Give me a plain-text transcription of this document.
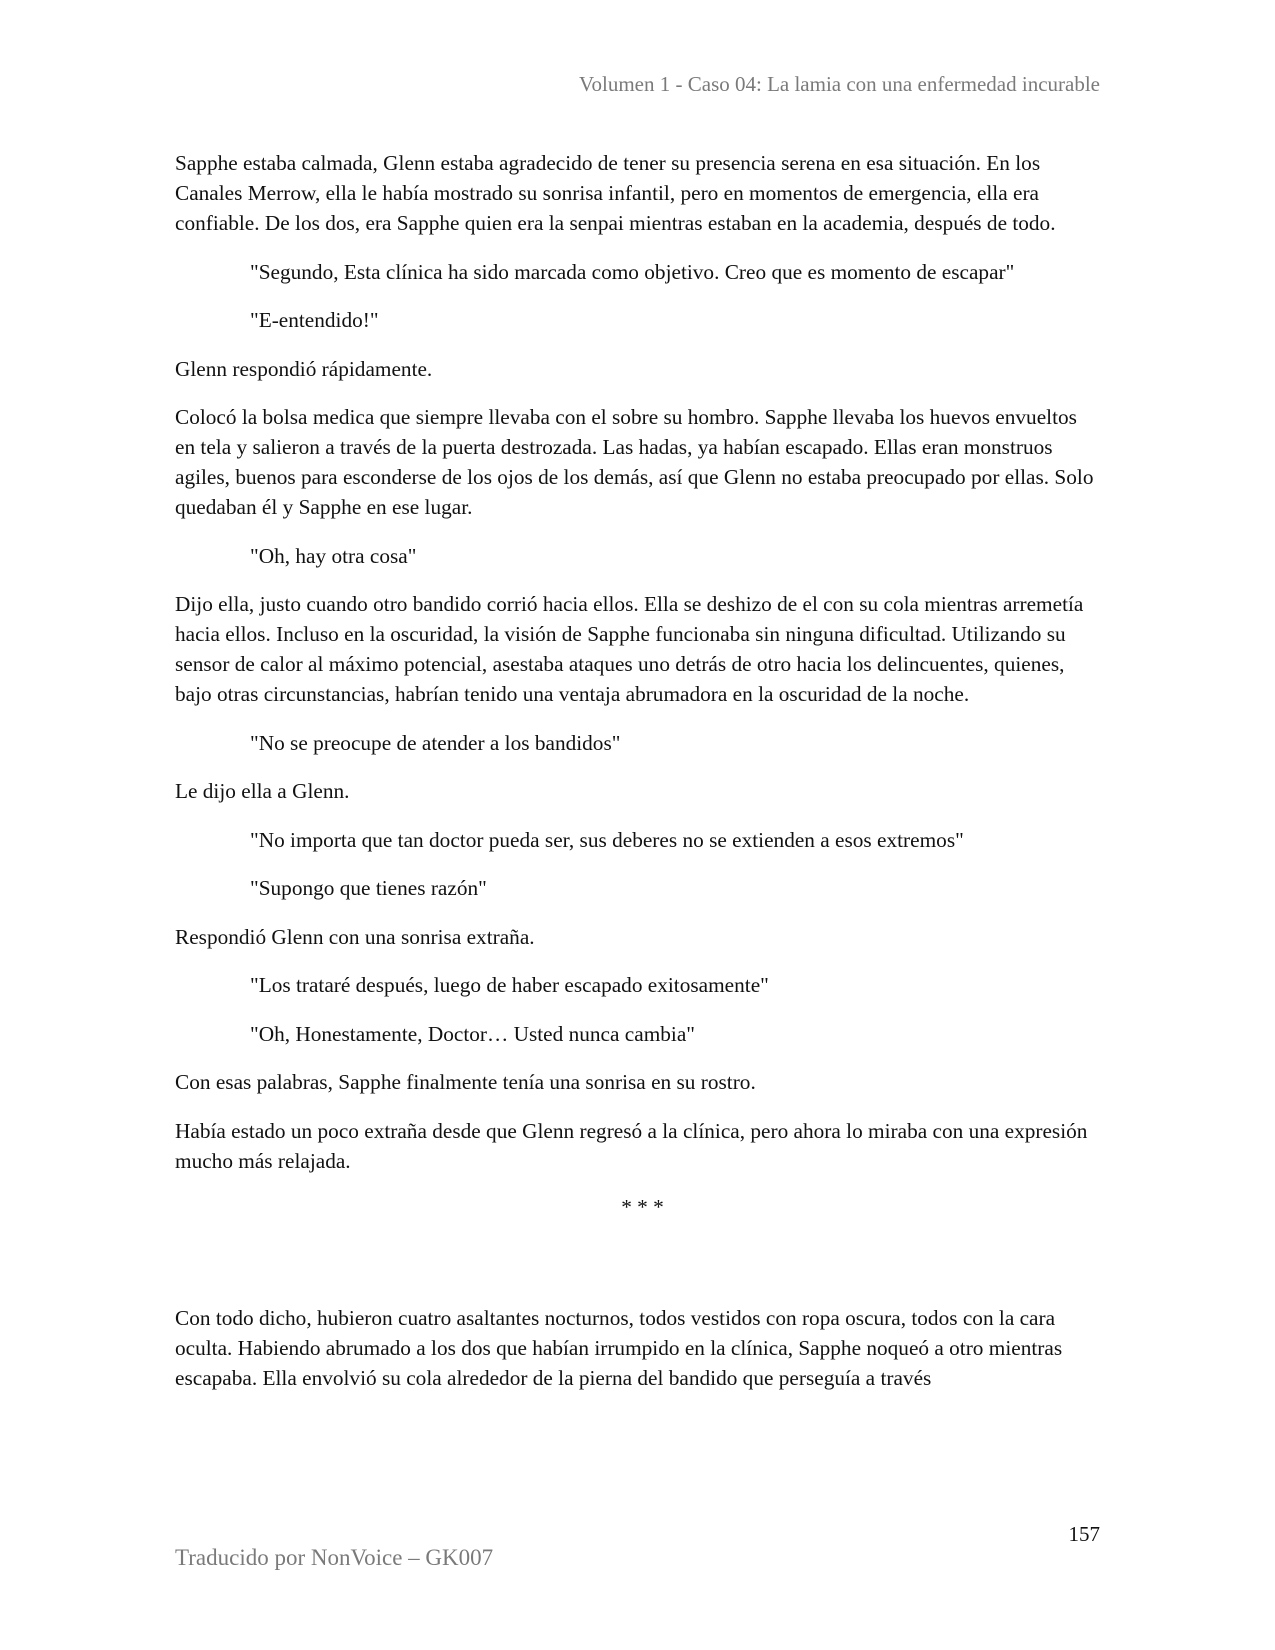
Volumen 1 - Caso 04: La lamia con una enfermedad incurable

Sapphe estaba calmada, Glenn estaba agradecido de tener su presencia serena en esa situación. En los Canales Merrow, ella le había mostrado su sonrisa infantil, pero en momentos de emergencia, ella era confiable. De los dos, era Sapphe quien era la senpai mientras estaban en la academia, después de todo.

"Segundo, Esta clínica ha sido marcada como objetivo. Creo que es momento de escapar"

"E-entendido!"

Glenn respondió rápidamente.

Colocó la bolsa medica que siempre llevaba con el sobre su hombro. Sapphe llevaba los huevos envueltos en tela y salieron a través de la puerta destrozada. Las hadas, ya habían escapado. Ellas eran monstruos agiles, buenos para esconderse de los ojos de los demás, así que Glenn no estaba preocupado por ellas. Solo quedaban él y Sapphe en ese lugar.

"Oh, hay otra cosa"

Dijo ella, justo cuando otro bandido corrió hacia ellos. Ella se deshizo de el con su cola mientras arremetía hacia ellos. Incluso en la oscuridad, la visión de Sapphe funcionaba sin ninguna dificultad. Utilizando su sensor de calor al máximo potencial, asestaba ataques uno detrás de otro hacia los delincuentes, quienes, bajo otras circunstancias, habrían tenido una ventaja abrumadora en la oscuridad de la noche.

"No se preocupe de atender a los bandidos"

Le dijo ella a Glenn.

"No importa que tan doctor pueda ser, sus deberes no se extienden a esos extremos"

"Supongo que tienes razón"

Respondió Glenn con una sonrisa extraña.

"Los trataré después, luego de haber escapado exitosamente"

"Oh, Honestamente, Doctor… Usted nunca cambia"

Con esas palabras, Sapphe finalmente tenía una sonrisa en su rostro.

Había estado un poco extraña desde que Glenn regresó a la clínica, pero ahora lo miraba con una expresión mucho más relajada.

* * *

Con todo dicho, hubieron cuatro asaltantes nocturnos, todos vestidos con ropa oscura, todos con la cara oculta. Habiendo abrumado a los dos que habían irrumpido en la clínica, Sapphe noqueó a otro mientras escapaba. Ella envolvió su cola alrededor de la pierna del bandido que perseguía a través

157
Traducido por NonVoice – GK007
